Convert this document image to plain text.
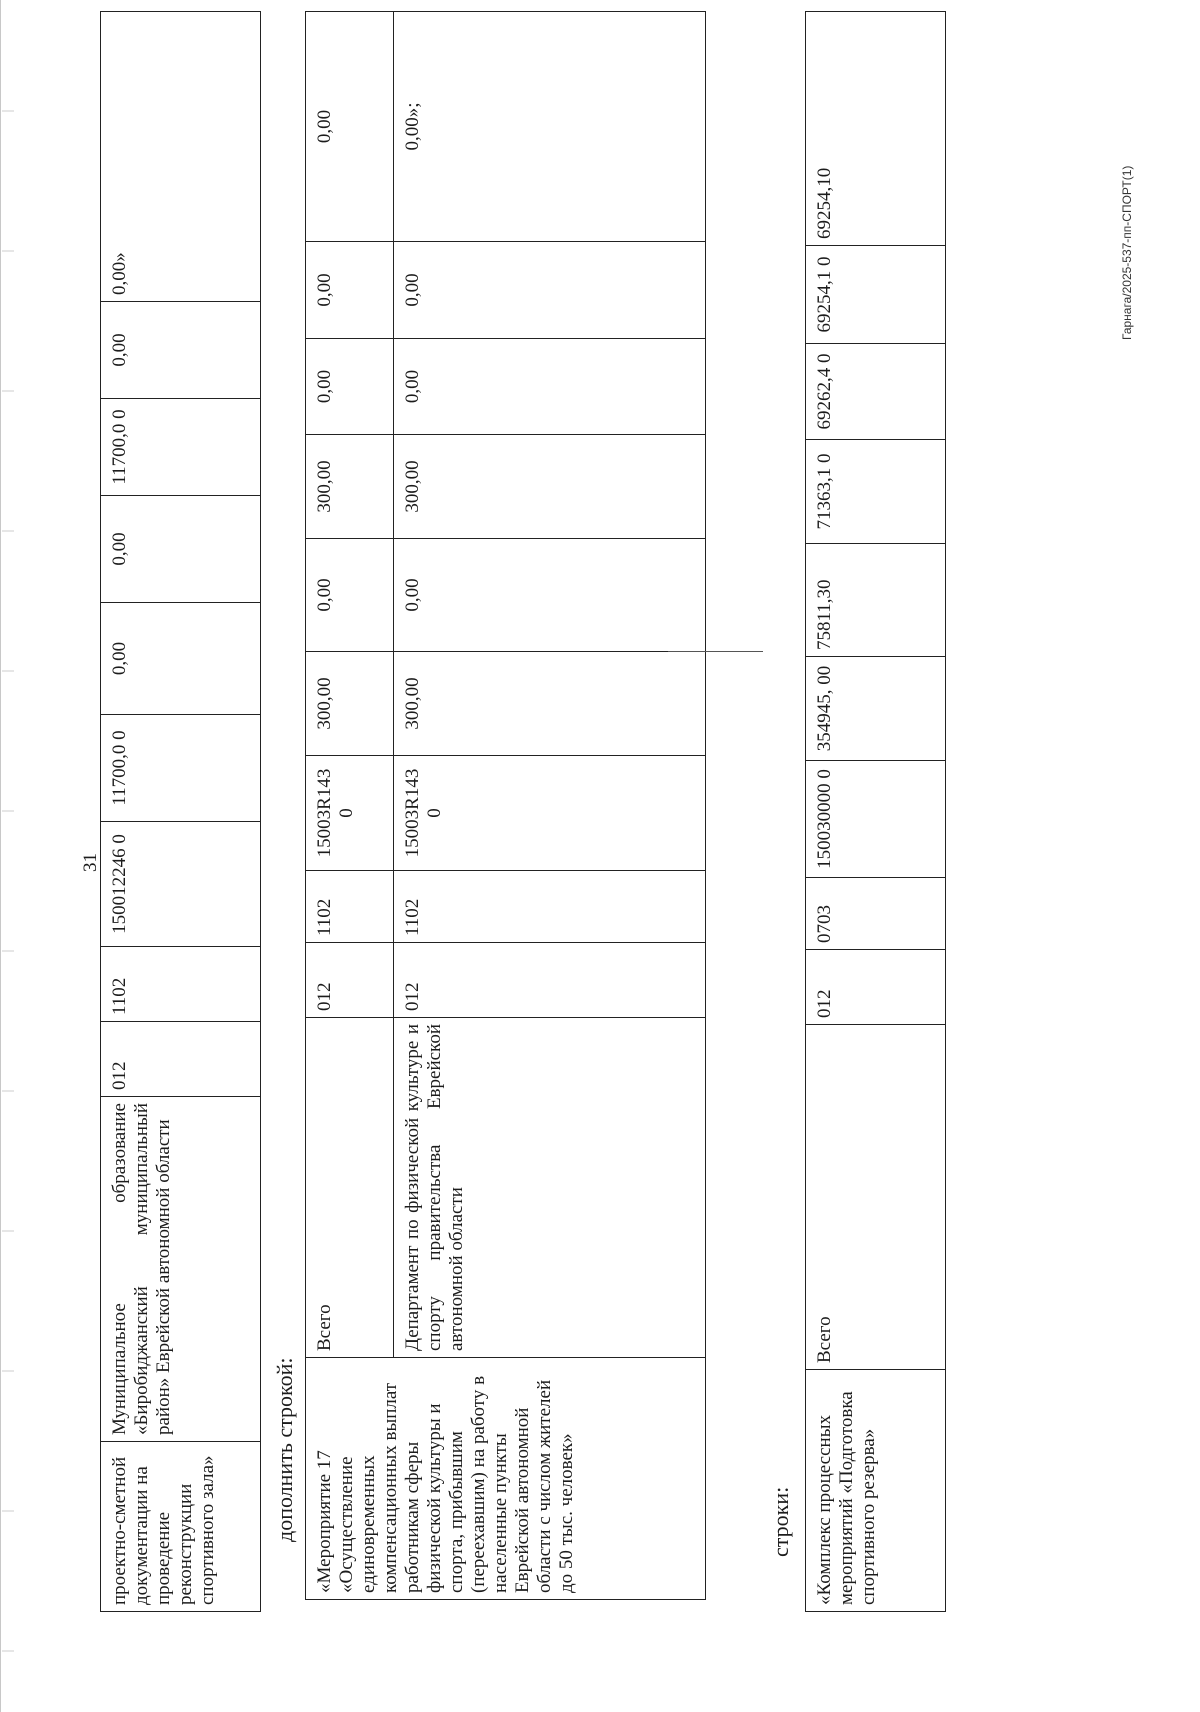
31
проектно-сметной документации на проведение реконструкции спортивного зала»	Муниципальное образование «Биробиджанский муниципальный район» Еврейской автономной области	012	1102	150012246 0	11700,0 0	0,00	0,00	11700,0 0	0,00	0,00»
дополнить строкой: «Мероприятие 17 «Осуществление единовременных компенсационных выплат работникам сферы физической культуры и спорта, прибывшим (переехавшим) на работу в населенные пункты Еврейской автономной области с числом жителей до 50 тыс. человек»	Всего	012	1102	15003R143 0	300,00	0,00	300,00	0,00	0,00	0,00
	Департамент по физической культуре и спорту правительства Еврейской автономной области	012	1102	15003R143 0	300,00	0,00	300,00	0,00	0,00	0,00»;
строки: «Комплекс процессных мероприятий «Подготовка спортивного резерва»	Всего	012	0703	150030000 0	354945, 00	75811,30	71363,1 0	69262,4 0	69254,1 0	69254,10	Гарнага/2025-537-пп-СПОРТ(1)
